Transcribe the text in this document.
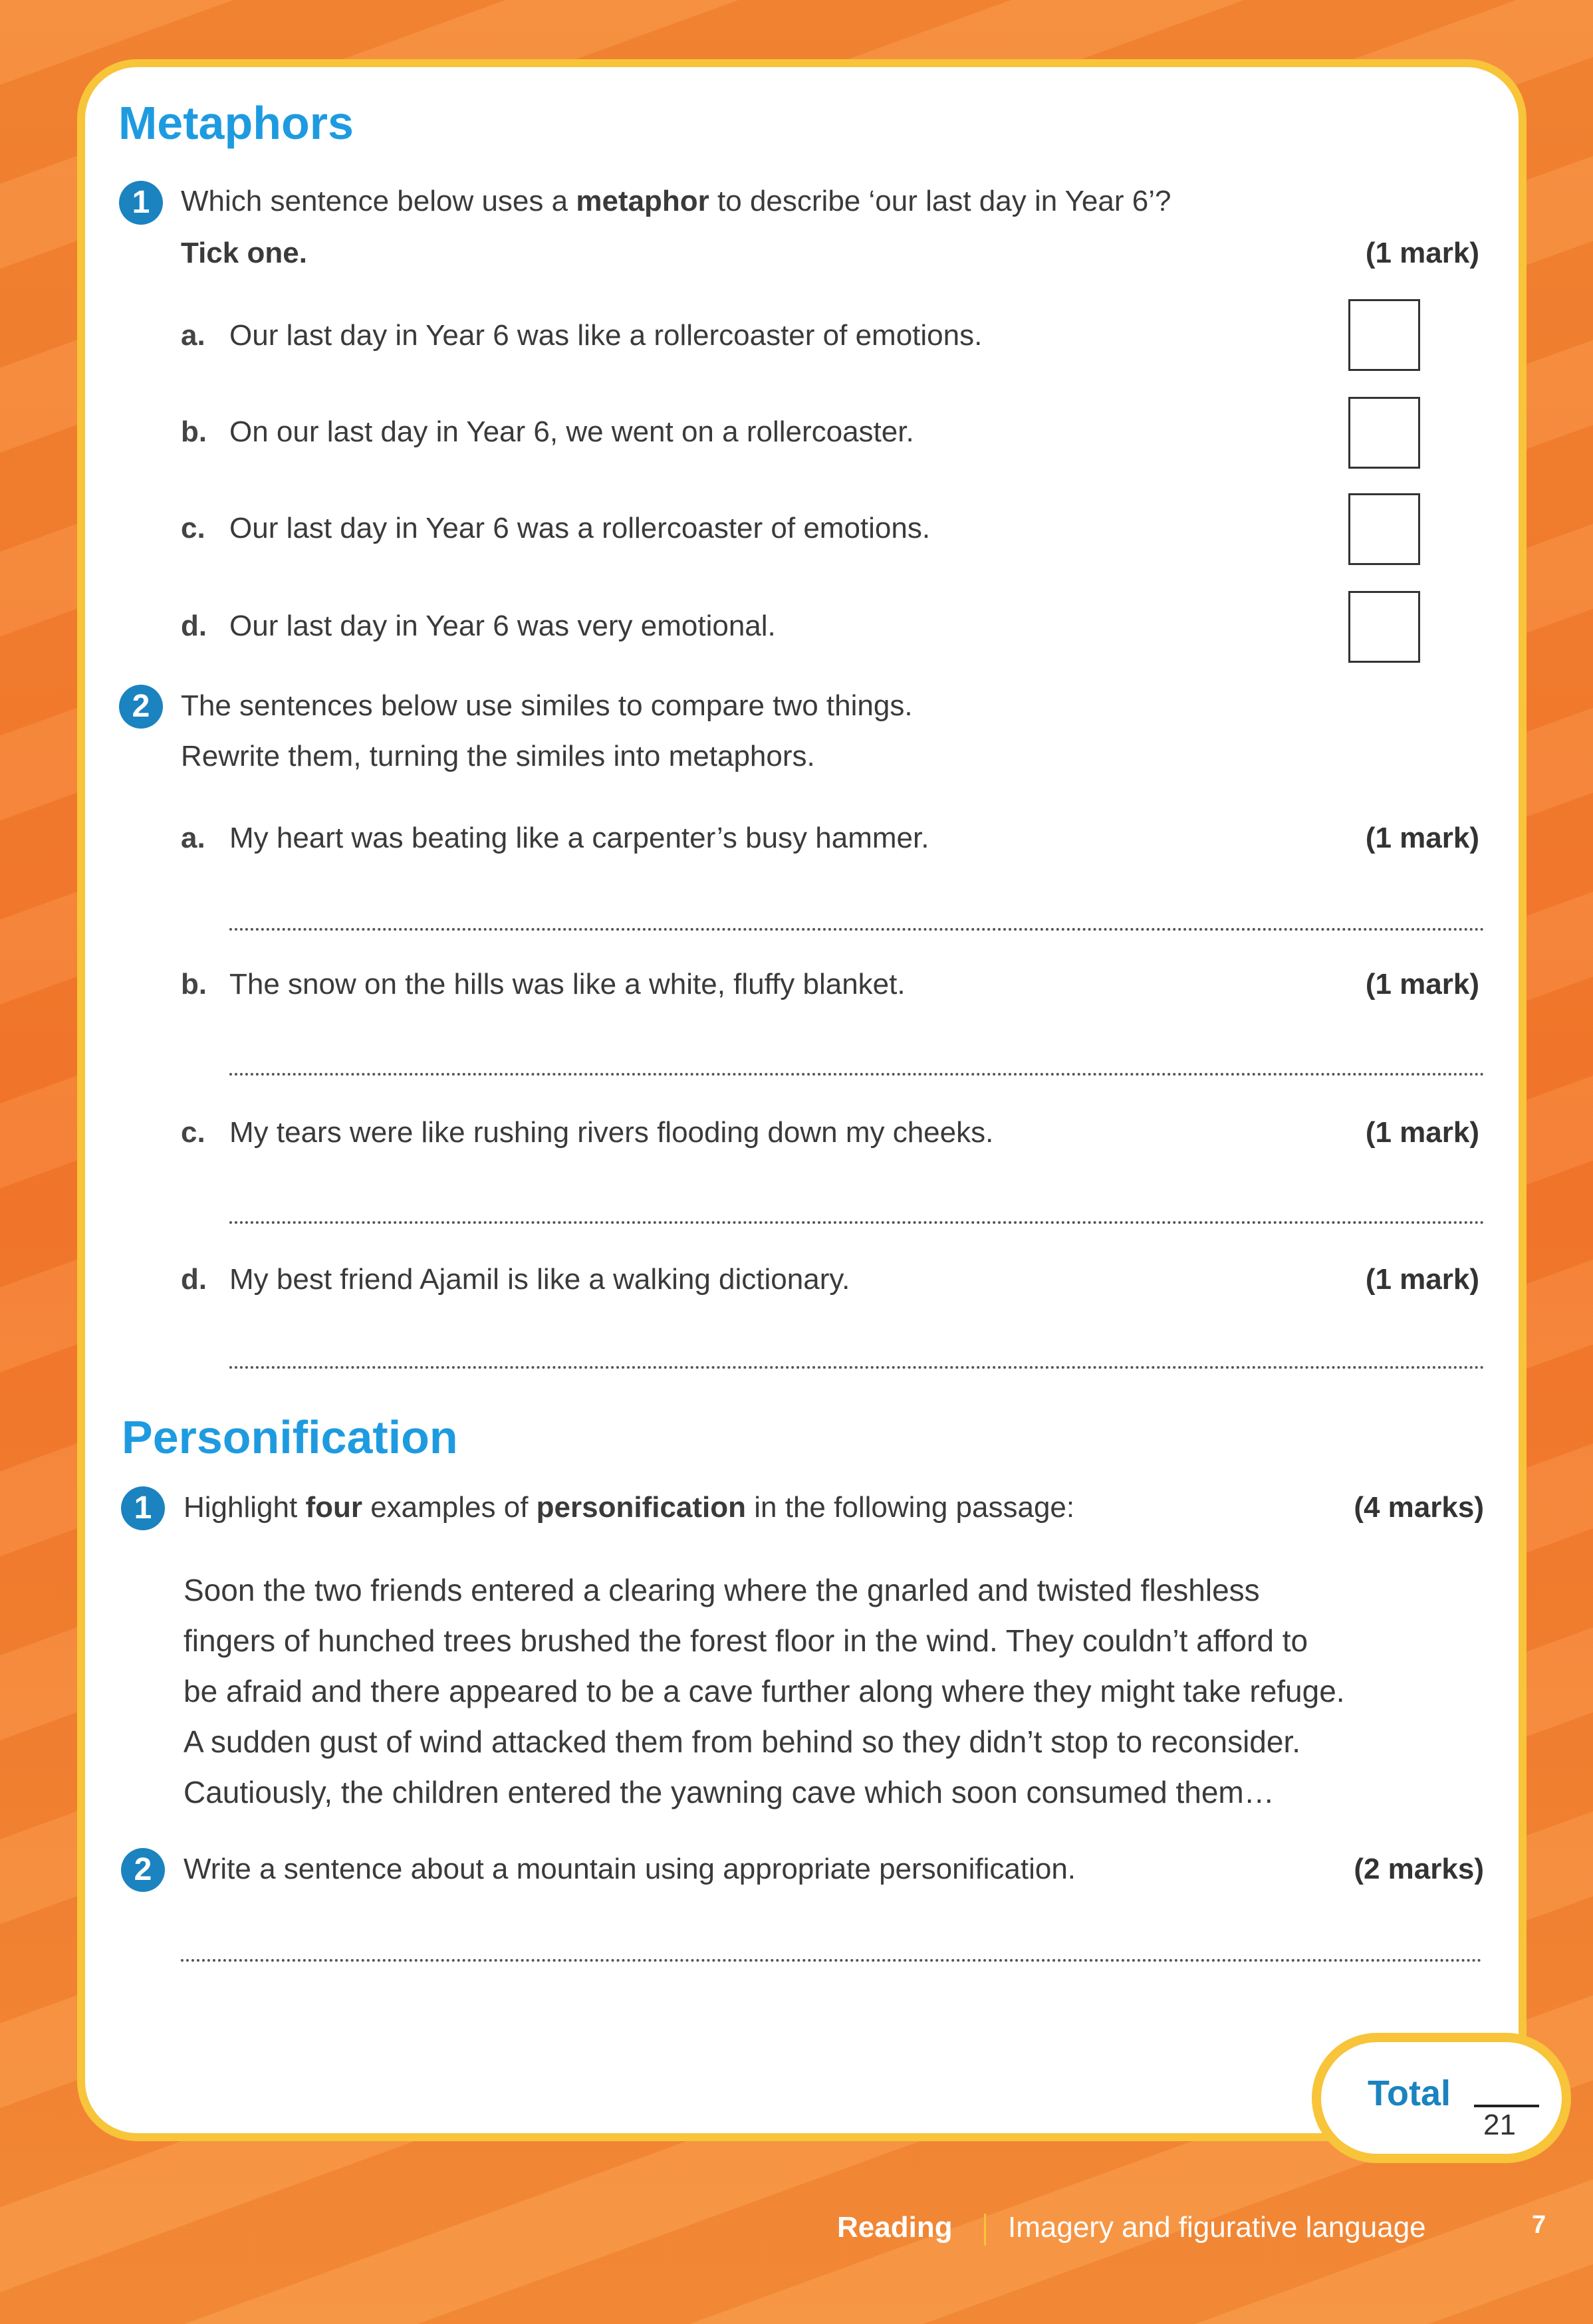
Metaphors
1	Which sentence below uses a metaphor to describe ‘our last day in Year 6’?
Tick one.	(1 mark)
a. Our last day in Year 6 was like a rollercoaster of emotions.
b. On our last day in Year 6, we went on a rollercoaster.
c. Our last day in Year 6 was a rollercoaster of emotions.
d. Our last day in Year 6 was very emotional.
2	The sentences below use similes to compare two things.
Rewrite them, turning the similes into metaphors.
a. My heart was beating like a carpenter’s busy hammer.	(1 mark)
b. The snow on the hills was like a white, fluffy blanket.	(1 mark)
c. My tears were like rushing rivers flooding down my cheeks.	(1 mark)
d. My best friend Ajamil is like a walking dictionary.	(1 mark)
Personification
1	Highlight four examples of personification in the following passage:	(4 marks)
Soon the two friends entered a clearing where the gnarled and twisted fleshless
fingers of hunched trees brushed the forest floor in the wind. They couldn’t afford to
be afraid and there appeared to be a cave further along where they might take refuge.
A sudden gust of wind attacked them from behind so they didn’t stop to reconsider.
Cautiously, the children entered the yawning cave which soon consumed them…
2	Write a sentence about a mountain using appropriate personification.	(2 marks)
Total
21
Reading Imagery and figurative language	7
